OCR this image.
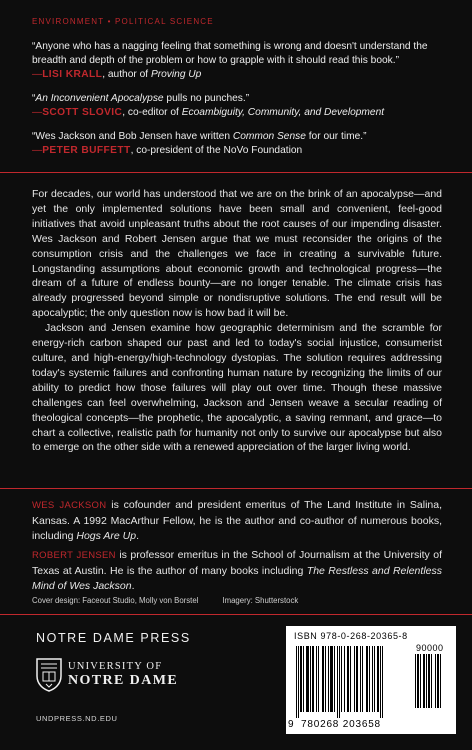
ENVIRONMENT • POLITICAL SCIENCE
“Anyone who has a nagging feeling that something is wrong and doesn't understand the breadth and depth of the problem or how to grapple with it should read this book.”
—LISI KRALL, author of Proving Up
“An Inconvenient Apocalypse pulls no punches.”
—SCOTT SLOVIC, co-editor of Ecoambiguity, Community, and Development
“Wes Jackson and Bob Jensen have written Common Sense for our time.”
—PETER BUFFETT, co-president of the NoVo Foundation

For decades, our world has understood that we are on the brink of an apocalypse—and yet the only implemented solutions have been small and convenient, feel-good initiatives that avoid unpleasant truths about the root causes of our impending disaster. Wes Jackson and Robert Jensen argue that we must reconsider the origins of the consumption crisis and the challenges we face in creating a survivable future. Longstanding assumptions about economic growth and technological progress—the dream of a future of endless bounty—are no longer tenable. The climate crisis has already progressed beyond simple or nondisruptive solutions. The end result will be apocalyptic; the only question now is how bad it will be.

Jackson and Jensen examine how geographic determinism and the scramble for energy-rich carbon shaped our past and led to today's social injustice, consumerist culture, and high-energy/high-technology dystopias. The solution requires addressing today's systemic failures and confronting human nature by recognizing the limits of our ability to predict how those failures will play out over time. Though these massive challenges can feel overwhelming, Jackson and Jensen weave a secular reading of theological concepts—the prophetic, the apocalyptic, a saving remnant, and grace—to chart a collective, realistic path for humanity not only to survive our apocalypse but also to emerge on the other side with a renewed appreciation of the larger living world.

WES JACKSON is cofounder and president emeritus of The Land Institute in Salina, Kansas. A 1992 MacArthur Fellow, he is the author and co-author of numerous books, including Hogs Are Up.

ROBERT JENSEN is professor emeritus in the School of Journalism at the University of Texas at Austin. He is the author of many books including The Restless and Relentless Mind of Wes Jackson.

Cover design: Faceout Studio, Molly von Borstel	Imagery: Shutterstock
NOTRE DAME PRESS
UNIVERSITY OF
NOTRE DAME
UNDPRESS.ND.EDU
ISBN 978-0-268-20365-8
90000
9 780268 203658
